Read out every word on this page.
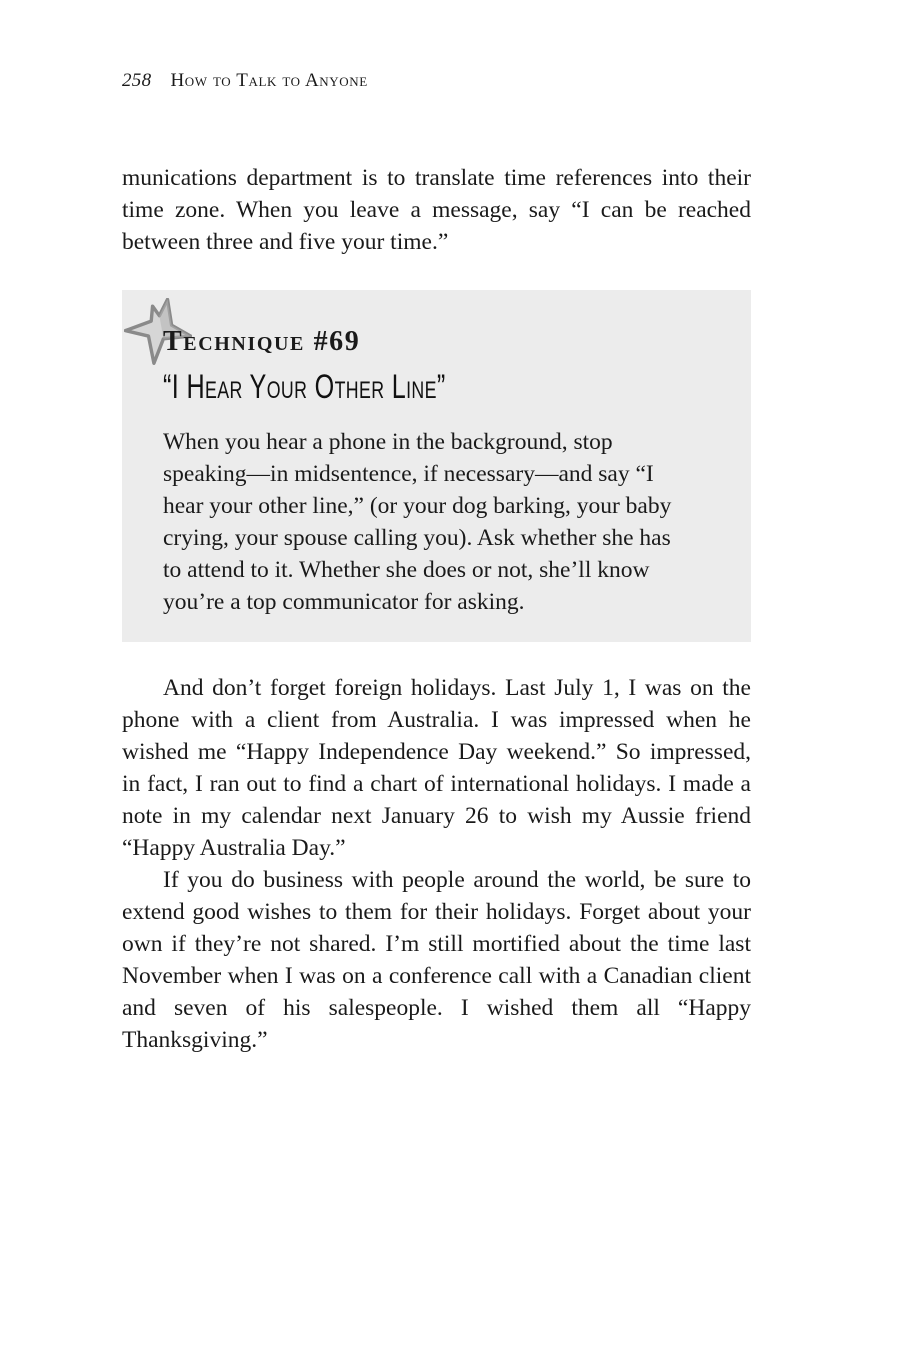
258 How to Talk to Anyone

munications department is to translate time references into their time zone. When you leave a message, say “I can be reached between three and five your time.”

Technique #69
“I Hear Your Other Line”
When you hear a phone in the background, stop
speaking—in midsentence, if necessary—and say “I
hear your other line,” (or your dog barking, your baby
crying, your spouse calling you). Ask whether she has
to attend to it. Whether she does or not, she’ll know
you’re a top communicator for asking.

And don’t forget foreign holidays. Last July 1, I was on the phone with a client from Australia. I was impressed when he wished me “Happy Independence Day weekend.” So impressed, in fact, I ran out to find a chart of international holidays. I made a note in my calendar next January 26 to wish my Aussie friend “Happy Australia Day.”

If you do business with people around the world, be sure to extend good wishes to them for their holidays. Forget about your own if they’re not shared. I’m still mortified about the time last November when I was on a conference call with a Canadian client and seven of his salespeople. I wished them all “Happy Thanksgiving.”
